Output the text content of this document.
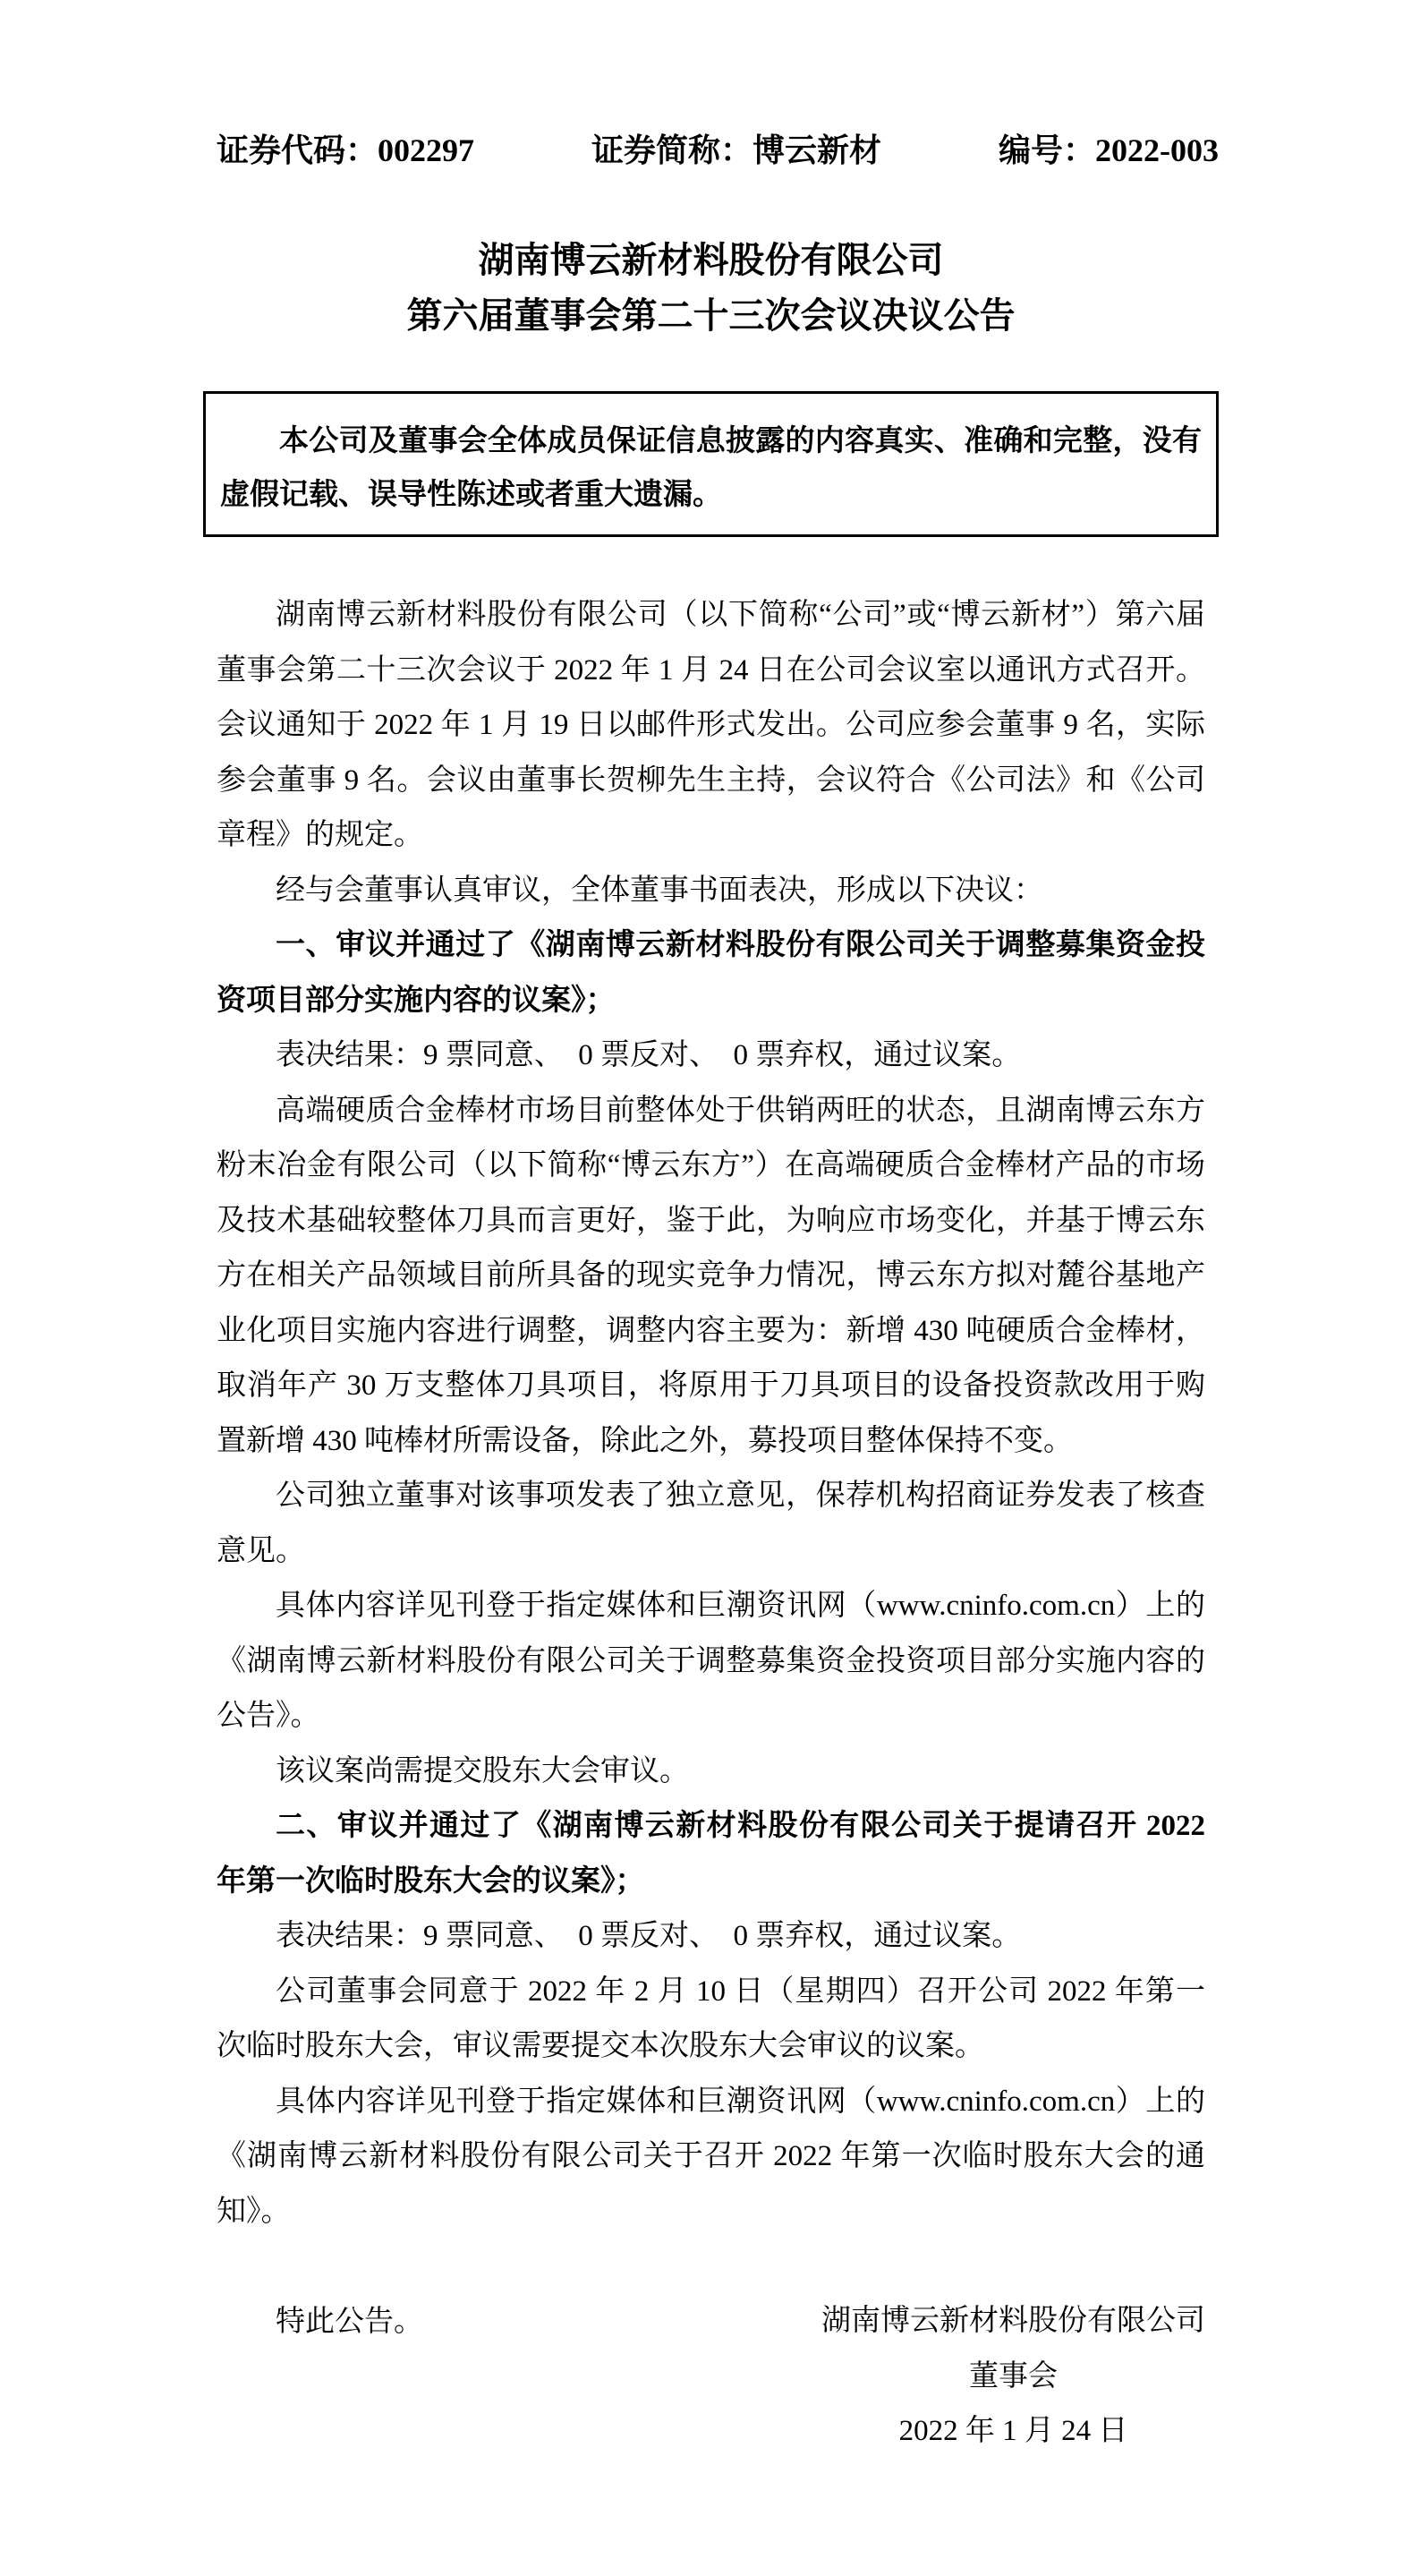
证券代码：002297	证券简称：博云新材	编号：2022-003
湖南博云新材料股份有限公司
第六届董事会第二十三次会议决议公告

本公司及董事会全体成员保证信息披露的内容真实、准确和完整，没有虚假记载、误导性陈述或者重大遗漏。

湖南博云新材料股份有限公司（以下简称“公司”或“博云新材”）第六届董事会第二十三次会议于 2022 年 1 月 24 日在公司会议室以通讯方式召开。会议通知于 2022 年 1 月 19 日以邮件形式发出。公司应参会董事 9 名，实际参会董事 9 名。会议由董事长贺柳先生主持，会议符合《公司法》和《公司章程》的规定。

经与会董事认真审议，全体董事书面表决，形成以下决议：

一、审议并通过了《湖南博云新材料股份有限公司关于调整募集资金投资项目部分实施内容的议案》；

表决结果：9 票同意、　0 票反对、　0 票弃权，通过议案。

高端硬质合金棒材市场目前整体处于供销两旺的状态，且湖南博云东方粉末冶金有限公司（以下简称“博云东方”）在高端硬质合金棒材产品的市场及技术基础较整体刀具而言更好，鉴于此，为响应市场变化，并基于博云东方在相关产品领域目前所具备的现实竞争力情况，博云东方拟对麓谷基地产业化项目实施内容进行调整，调整内容主要为：新增 430 吨硬质合金棒材，取消年产 30 万支整体刀具项目，将原用于刀具项目的设备投资款改用于购置新增 430 吨棒材所需设备，除此之外，募投项目整体保持不变。

公司独立董事对该事项发表了独立意见，保荐机构招商证券发表了核查意见。

具体内容详见刊登于指定媒体和巨潮资讯网（www.cninfo.com.cn）上的《湖南博云新材料股份有限公司关于调整募集资金投资项目部分实施内容的公告》。

该议案尚需提交股东大会审议。

二、审议并通过了《湖南博云新材料股份有限公司关于提请召开 2022 年第一次临时股东大会的议案》；

表决结果：9 票同意、　0 票反对、　0 票弃权，通过议案。

公司董事会同意于 2022 年 2 月 10 日（星期四）召开公司 2022 年第一次临时股东大会，审议需要提交本次股东大会审议的议案。

具体内容详见刊登于指定媒体和巨潮资讯网（www.cninfo.com.cn）上的《湖南博云新材料股份有限公司关于召开 2022 年第一次临时股东大会的通知》。

特此公告。	湖南博云新材料股份有限公司
董事会
2022 年 1 月 24 日
